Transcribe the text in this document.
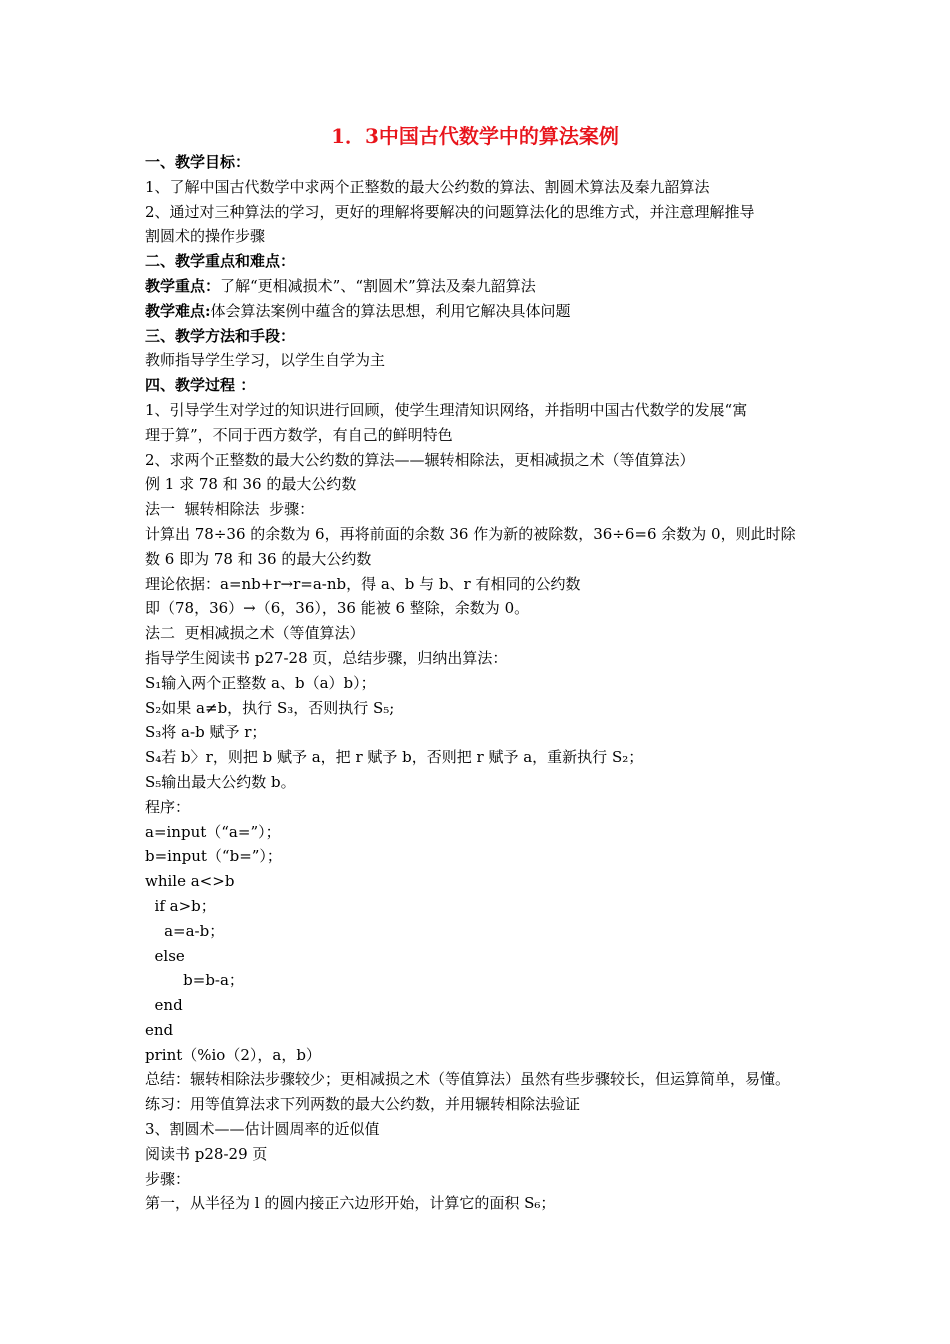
1．3中国古代数学中的算法案例
一、教学目标：
1、了解中国古代数学中求两个正整数的最大公约数的算法、割圆术算法及秦九韶算法
2、通过对三种算法的学习，更好的理解将要解决的问题算法化的思维方式，并注意理解推导
割圆术的操作步骤
二、教学重点和难点：
教学重点：了解“更相减损术”、“割圆术”算法及秦九韶算法
教学难点:体会算法案例中蕴含的算法思想，利用它解决具体问题
三、教学方法和手段：
教师指导学生学习，以学生自学为主
四、教学过程 ：
1、引导学生对学过的知识进行回顾，使学生理清知识网络，并指明中国古代数学的发展“寓
理于算”，不同于西方数学，有自己的鲜明特色
2、求两个正整数的最大公约数的算法——辗转相除法，更相减损之术（等值算法）
例 1 求 78 和 36 的最大公约数
法一  辗转相除法  步骤：
计算出 78÷36 的余数为 6，再将前面的余数 36 作为新的被除数，36÷6=6 余数为 0，则此时除
数 6 即为 78 和 36 的最大公约数
理论依据：a=nb+r→r=a-nb，得 a、b 与 b、r 有相同的公约数
即（78，36）→（6，36），36 能被 6 整除，余数为 0。
法二  更相减损之术（等值算法）
指导学生阅读书 p27-28 页，总结步骤，归纳出算法：
S₁输入两个正整数 a、b（a）b）；
S₂如果 a≠b，执行 S₃，否则执行 S₅;
S₃将 a-b 赋予 r；
S₄若 b〉r，则把 b 赋予 a，把 r 赋予 b，否则把 r 赋予 a，重新执行 S₂；
S₅输出最大公约数 b。
程序：
a=input（“a=”）；
b=input（“b=”）；
while a<>b
if a>b；
a=a-b；
else
b=b-a；
end
end
print（%io（2），a，b）
总结：辗转相除法步骤较少；更相减损之术（等值算法）虽然有些步骤较长，但运算简单，易懂。
练习：用等值算法求下列两数的最大公约数，并用辗转相除法验证
3、割圆术——估计圆周率的近似值
阅读书 p28-29 页
步骤：
第一，从半径为 l 的圆内接正六边形开始，计算它的面积 S₆；
